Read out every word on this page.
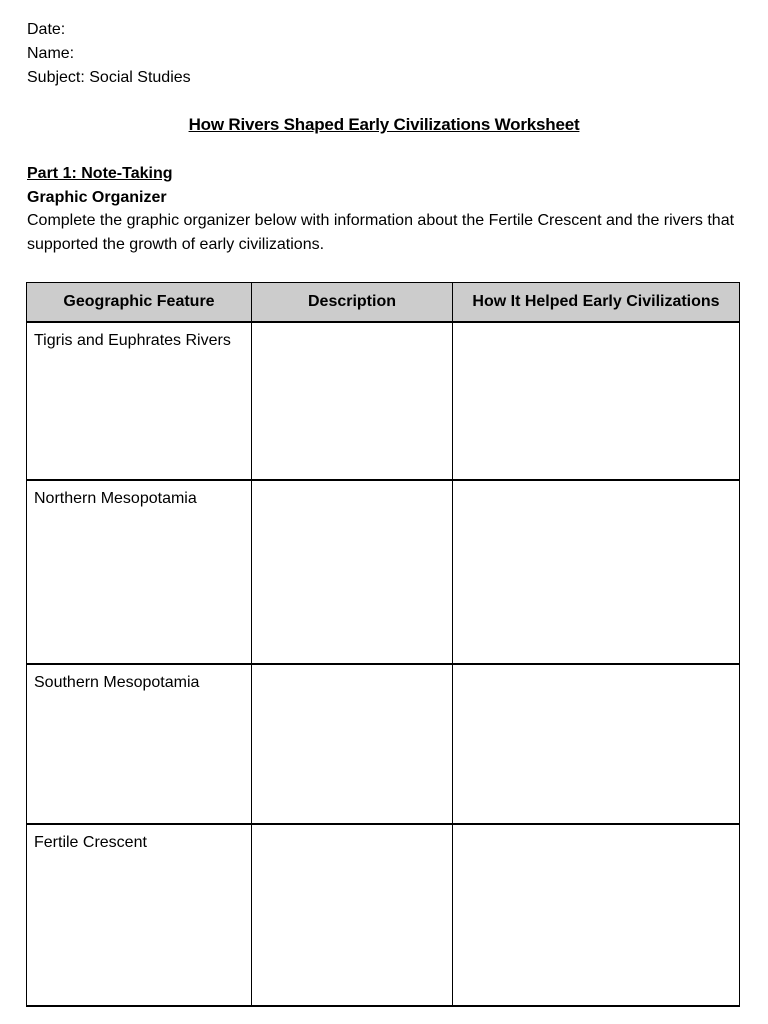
Date:
Name:
Subject: Social Studies
How Rivers Shaped Early Civilizations Worksheet
Part 1: Note-Taking
Graphic Organizer
Complete the graphic organizer below with information about the Fertile Crescent and the rivers that supported the growth of early civilizations.
Geographic Feature	Description	How It Helped Early Civilizations
Tigris and Euphrates Rivers		
Northern Mesopotamia		
Southern Mesopotamia		
Fertile Crescent		
